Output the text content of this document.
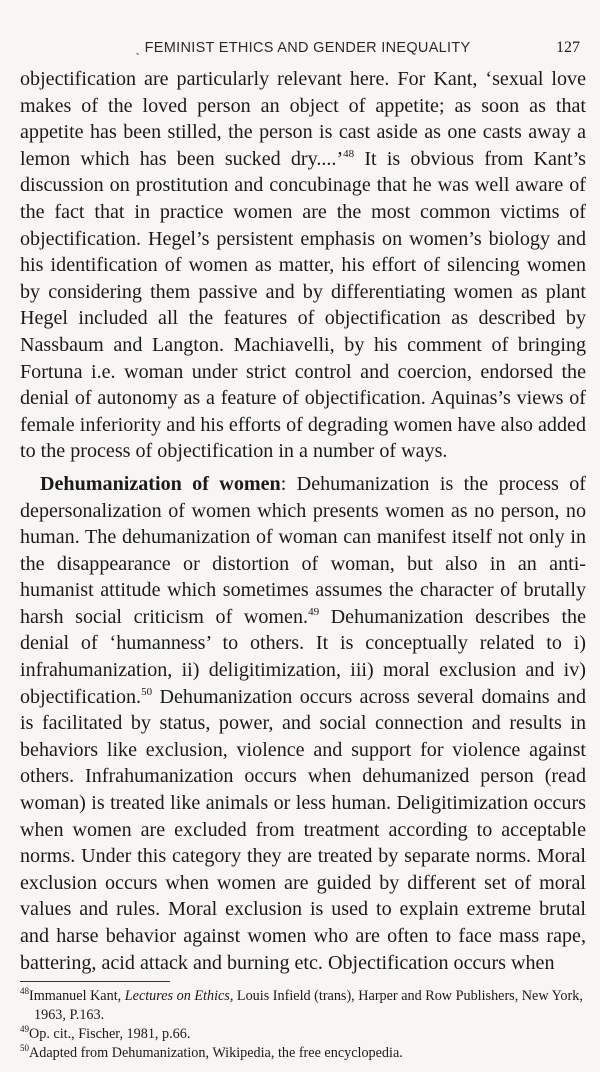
ˎ FEMINIST ETHICS AND GENDER INEQUALITY	127

objectification are particularly relevant here. For Kant, ‘sexual love makes of the loved person an object of appetite; as soon as that appetite has been stilled, the person is cast aside as one casts away a lemon which has been sucked dry....’$^{48}$ It is obvious from Kant’s discussion on prostitution and concubinage that he was well aware of the fact that in practice women are the most common victims of objectification. Hegel’s persistent emphasis on women’s biology and his identification of women as matter, his effort of silencing women by considering them passive and by differentiating women as plant Hegel included all the features of objectification as described by Nassbaum and Langton. Machiavelli, by his comment of bringing Fortuna i.e. woman under strict control and coercion, endorsed the denial of autonomy as a feature of objectification. Aquinas’s views of female inferiority and his efforts of degrading women have also added to the process of objectification in a number of ways.

Dehumanization of women: Dehumanization is the process of depersonalization of women which presents women as no person, no human. The dehumanization of woman can manifest itself not only in the disappearance or distortion of woman, but also in an anti-humanist attitude which sometimes assumes the character of brutally harsh social criticism of women.$^{49}$ Dehumanization describes the denial of ‘humanness’ to others. It is conceptually related to i) infrahumanization, ii) deligitimization, iii) moral exclusion and iv) objectification.$^{50}$ Dehumanization occurs across several domains and is facilitated by status, power, and social connection and results in behaviors like exclusion, violence and support for violence against others. Infrahumanization occurs when dehumanized person (read woman) is treated like animals or less human. Deligitimization occurs when women are excluded from treatment according to acceptable norms. Under this category they are treated by separate norms. Moral exclusion occurs when women are guided by different set of moral values and rules. Moral exclusion is used to explain extreme brutal and harse behavior against women who are often to face mass rape, battering, acid attack and burning etc. Objectification occurs when

$^{48}$Immanuel Kant, Lectures on Ethics, Louis Infield (trans), Harper and Row Publishers, New York, 1963, P.163.

$^{49}$Op. cit., Fischer, 1981, p.66.

$^{50}$Adapted from Dehumanization, Wikipedia, the free encyclopedia.
